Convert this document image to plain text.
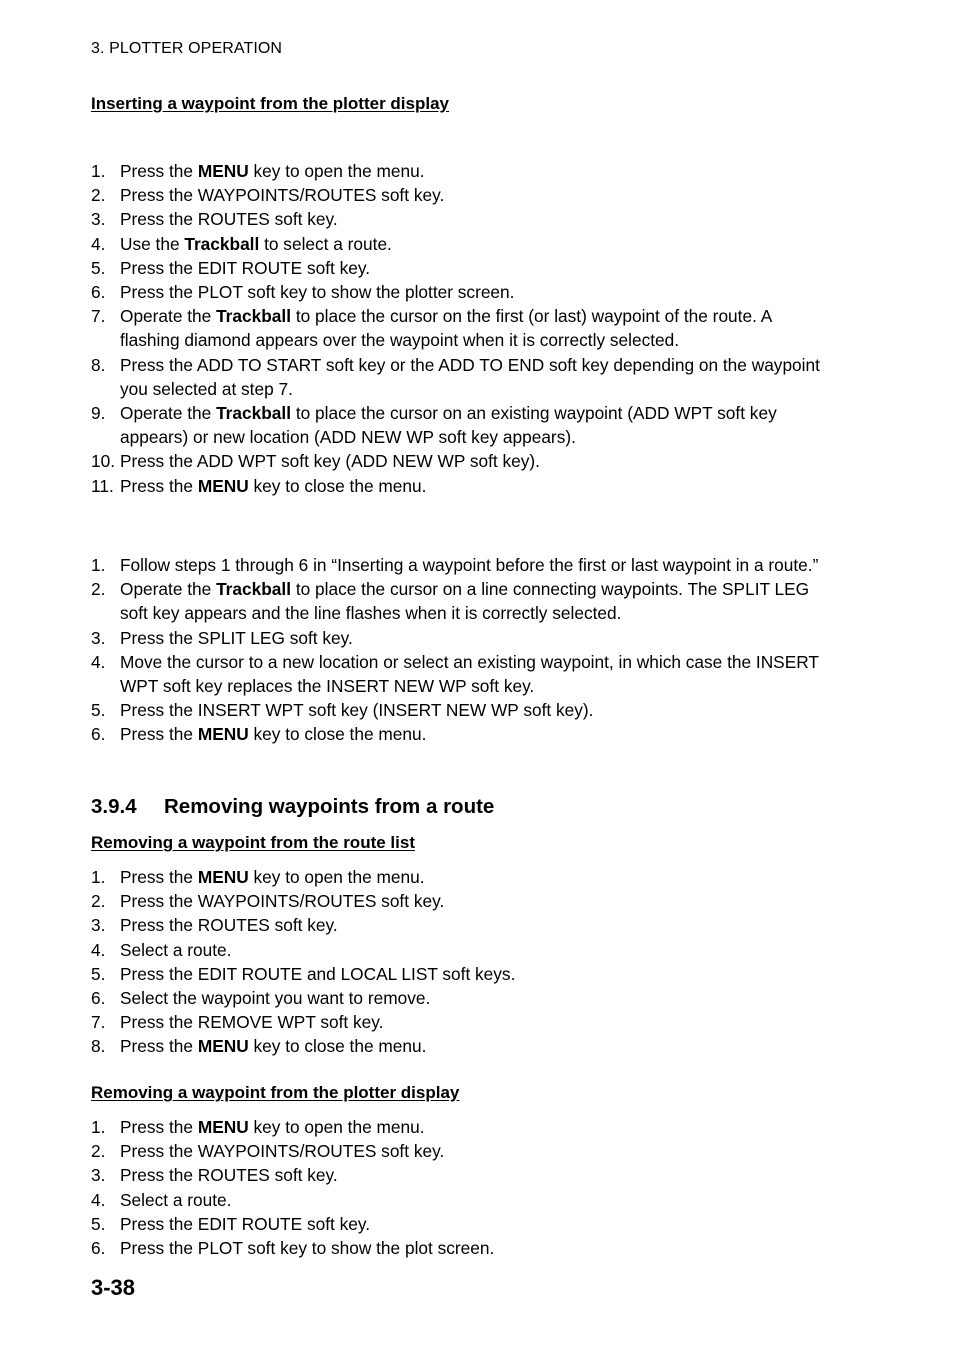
3. PLOTTER OPERATION
Inserting a waypoint from the plotter display
1. Press the MENU key to open the menu.
2. Press the WAYPOINTS/ROUTES soft key.
3. Press the ROUTES soft key.
4. Use the Trackball to select a route.
5. Press the EDIT ROUTE soft key.
6. Press the PLOT soft key to show the plotter screen.
7. Operate the Trackball to place the cursor on the first (or last) waypoint of the route. A flashing diamond appears over the waypoint when it is correctly selected.
8. Press the ADD TO START soft key or the ADD TO END soft key depending on the waypoint you selected at step 7.
9. Operate the Trackball to place the cursor on an existing waypoint (ADD WPT soft key appears) or new location (ADD NEW WP soft key appears).
10. Press the ADD WPT soft key (ADD NEW WP soft key).
11. Press the MENU key to close the menu.
1. Follow steps 1 through 6 in “Inserting a waypoint before the first or last waypoint in a route.”
2. Operate the Trackball to place the cursor on a line connecting waypoints. The SPLIT LEG soft key appears and the line flashes when it is correctly selected.
3. Press the SPLIT LEG soft key.
4. Move the cursor to a new location or select an existing waypoint, in which case the INSERT WPT soft key replaces the INSERT NEW WP soft key.
5. Press the INSERT WPT soft key (INSERT NEW WP soft key).
6. Press the MENU key to close the menu.
3.9.4 Removing waypoints from a route
Removing a waypoint from the route list
1. Press the MENU key to open the menu.
2. Press the WAYPOINTS/ROUTES soft key.
3. Press the ROUTES soft key.
4. Select a route.
5. Press the EDIT ROUTE and LOCAL LIST soft keys.
6. Select the waypoint you want to remove.
7. Press the REMOVE WPT soft key.
8. Press the MENU key to close the menu.
Removing a waypoint from the plotter display
1. Press the MENU key to open the menu.
2. Press the WAYPOINTS/ROUTES soft key.
3. Press the ROUTES soft key.
4. Select a route.
5. Press the EDIT ROUTE soft key.
6. Press the PLOT soft key to show the plot screen.
3-38
